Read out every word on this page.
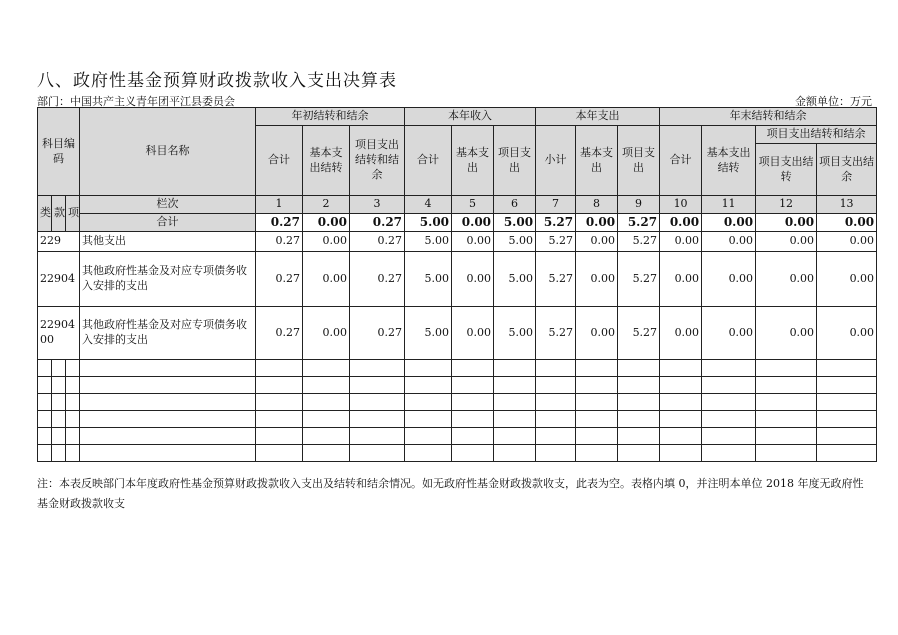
八、政府性基金预算财政拨款收入支出决算表
部门：中国共产主义青年团平江县委员会	金额单位：万元
科目编码			科目名称	年初结转和结余			本年收入			本年支出			年末结转和结余			
				合计	基本支出结转	项目支出结转和结余	合计	基本支出	项目支出	小计	基本支出	项目支出	合计	基本支出结转	项目支出结转和结余	
															项目支出结转	项目支出结余
类	款	项	栏次	1	2	3	4	5	6	7	8	9	10	11	12	13
			合计	0.27	0.00	0.27	5.00	0.00	5.00	5.27	0.00	5.27	0.00	0.00	0.00	0.00
229			其他支出	0.27	0.00	0.27	5.00	0.00	5.00	5.27	0.00	5.27	0.00	0.00	0.00	0.00
22904			其他政府性基金及对应专项债务收入安排的支出	0.27	0.00	0.27	5.00	0.00	5.00	5.27	0.00	5.27	0.00	0.00	0.00	0.00
2290400			其他政府性基金及对应专项债务收入安排的支出	0.27	0.00	0.27	5.00	0.00	5.00	5.27	0.00	5.27	0.00	0.00	0.00	0.00

注：本表反映部门本年度政府性基金预算财政拨款收入支出及结转和结余情况。如无政府性基金财政拨款收支，此表为空。表格内填 0，并注明本单位 2018 年度无政府性基金财政拨款收支
